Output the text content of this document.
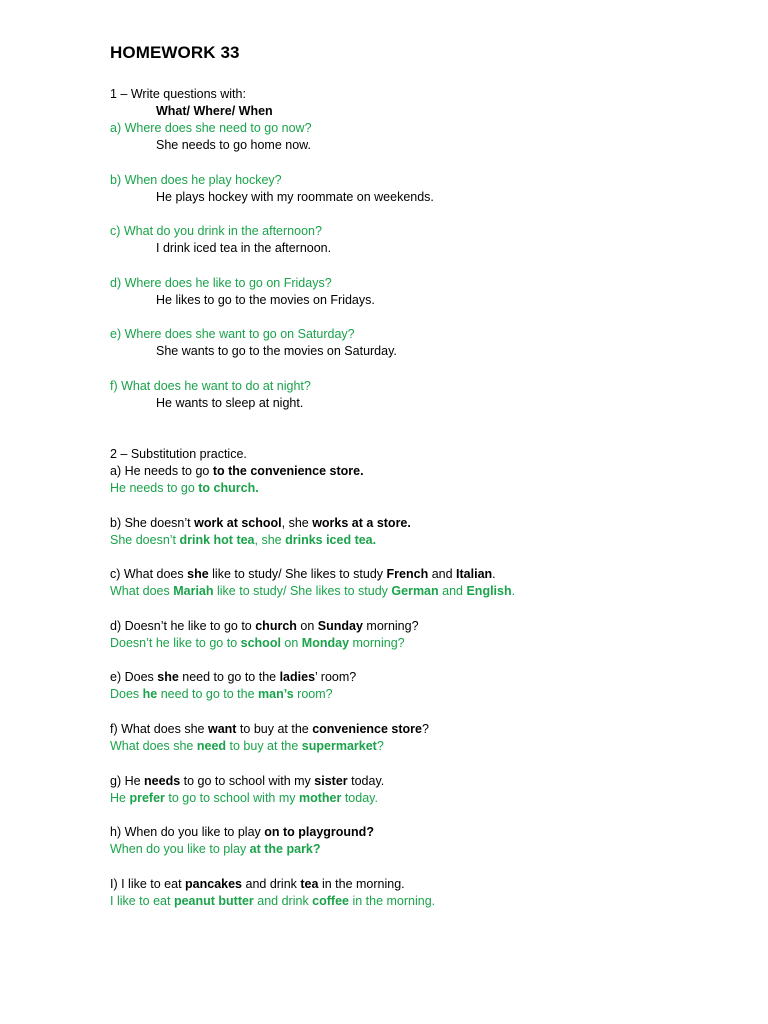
HOMEWORK 33
1 – Write questions with:
What/ Where/ When
a) Where does she need to go now?
She needs to go home now.
b) When does he play hockey?
He plays hockey with my roommate on weekends.
c) What do you drink in the afternoon?
I drink iced tea in the afternoon.
d) Where does he like to go on Fridays?
He likes to go to the movies on Fridays.
e) Where does she want to go on Saturday?
She wants to go to the movies on Saturday.
f) What does he want to do at night?
He wants to sleep at night.
2 – Substitution practice.
a) He needs to go to the convenience store.
He needs to go to church.
b) She doesn’t work at school, she works at a store.
She doesn’t drink hot tea, she drinks iced tea.
c) What does she like to study/ She likes to study French and Italian.
What does Mariah like to study/ She likes to study German and English.
d) Doesn’t he like to go to church on Sunday morning?
Doesn’t he like to go to school on Monday morning?
e) Does she need to go to the ladies’ room?
Does he need to go to the man’s room?
f) What does she want to buy at the convenience store?
What does she need to buy at the supermarket?
g) He needs to go to school with my sister today.
He prefer to go to school with my mother today.
h) When do you like to play on to playground?
When do you like to play at the park?
I) I like to eat pancakes and drink tea in the morning.
I like to eat peanut butter and drink coffee in the morning.
